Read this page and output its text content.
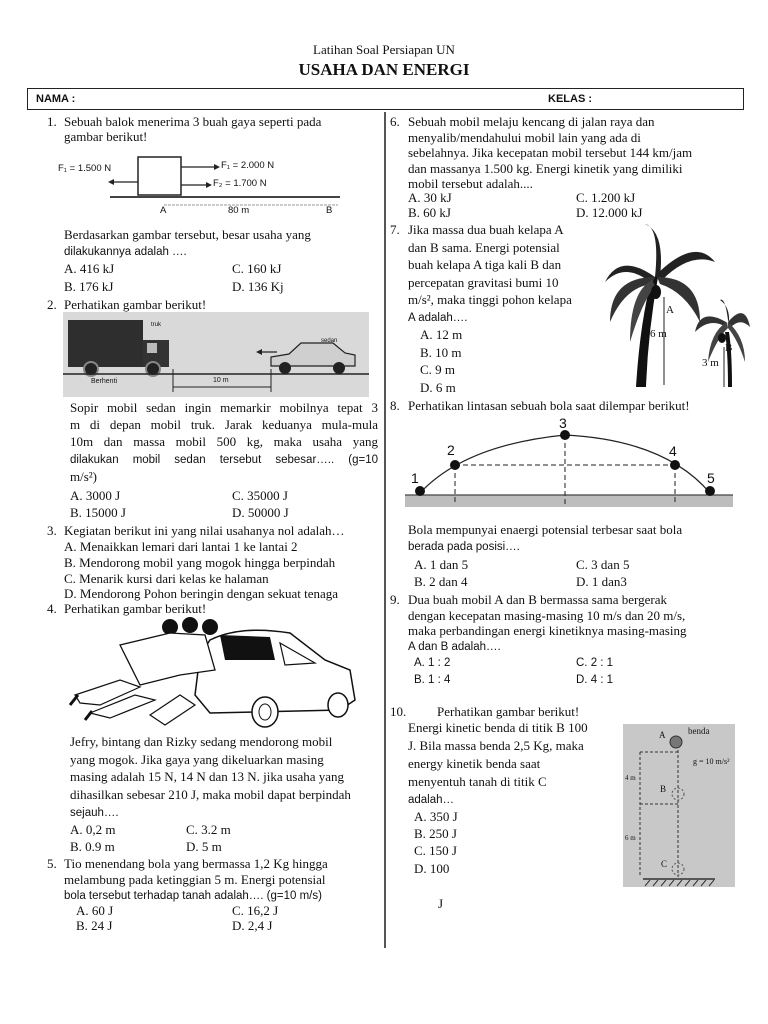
Latihan Soal Persiapan UN
USAHA DAN ENERGI
NAMA :	KELAS :
1. Sebuah balok menerima 3 buah gaya seperti pada
gambar berikut!
F₁ = 1.500 N	F₁ = 2.000 N
F₂ = 1.700 N
A	80 m	B
Berdasarkan gambar tersebut, besar usaha yang
dilakukannya adalah ….
A. 416 kJ	C. 160 kJ
B. 176 kJ	D. 136 Kj
2. Perhatikan gambar berikut!
truk
sedan
Berhenti	10 m
Sopir mobil sedan ingin memarkir mobilnya tepat 3
m di depan mobil truk. Jarak keduanya mula-mula
10m dan massa mobil 500 kg, maka usaha yang
dilakukan mobil sedan tersebut sebesar….. (g=10
m/s²)
A. 3000 J	C. 35000 J
B. 15000 J	D. 50000 J
3. Kegiatan berikut ini yang nilai usahanya nol adalah…
A. Menaikkan lemari dari lantai 1 ke lantai 2
B. Mendorong mobil yang mogok hingga berpindah
C. Menarik kursi dari kelas ke halaman
D. Mendorong Pohon beringin dengan sekuat tenaga
4. Perhatikan gambar berikut!
Jefry, bintang dan Rizky sedang mendorong mobil
yang mogok. Jika gaya yang dikeluarkan masing
masing adalah 15 N, 14 N dan 13 N. jika usaha yang
dihasilkan sebesar 210 J, maka mobil dapat berpindah
sejauh….
A. 0,2 m	C. 3.2 m
B. 0.9 m	D. 5 m
5. Tio menendang bola yang bermassa 1,2 Kg hingga
melambung pada ketinggian 5 m. Energi potensial
bola tersebut terhadap tanah adalah…. (g=10 m/s)
A. 60 J	C. 16,2 J
B. 24 J	D. 2,4 J
6. Sebuah mobil melaju kencang di jalan raya dan
menyalib/mendahului mobil lain yang ada di
sebelahnya. Jika kecepatan mobil tersebut 144 km/jam
dan massanya 1.500 kg. Energi kinetik yang dimiliki
mobil tersebut adalah....
A. 30 kJ	C. 1.200 kJ
B. 60 kJ	D. 12.000 kJ
7. Jika massa dua buah kelapa A
dan B sama. Energi potensial
buah kelapa A tiga kali B dan
percepatan gravitasi bumi 10
m/s², maka tinggi pohon kelapa
A adalah….
A. 12 m
B. 10 m
C. 9 m
D. 6 m
A
6 m
B
3 m
8. Perhatikan lintasan sebuah bola saat dilempar berikut!
1
2
3
4
5
Bola mempunyai enaergi potensial terbesar saat bola
berada pada posisi….
A. 1 dan 5	C. 3 dan 5
B. 2 dan 4	D. 1 dan3
9. Dua buah mobil A dan B bermassa sama bergerak
dengan kecepatan masing-masing 10 m/s dan 20 m/s,
maka perbandingan energi kinetiknya masing-masing
A dan B adalah….
A. 1 : 2	C. 2 : 1
B. 1 : 4	D. 4 : 1
10. Perhatikan gambar berikut!
Energi kinetic benda di titik B 100
J. Bila massa benda 2,5 Kg, maka
energy kinetik benda saat
menyentuh tanah di titik C
adalah…
A. 350 J
B. 250 J
C. 150 J
D. 100
J
A	benda
g = 10 m/s²
4 m
B
6 m
C
